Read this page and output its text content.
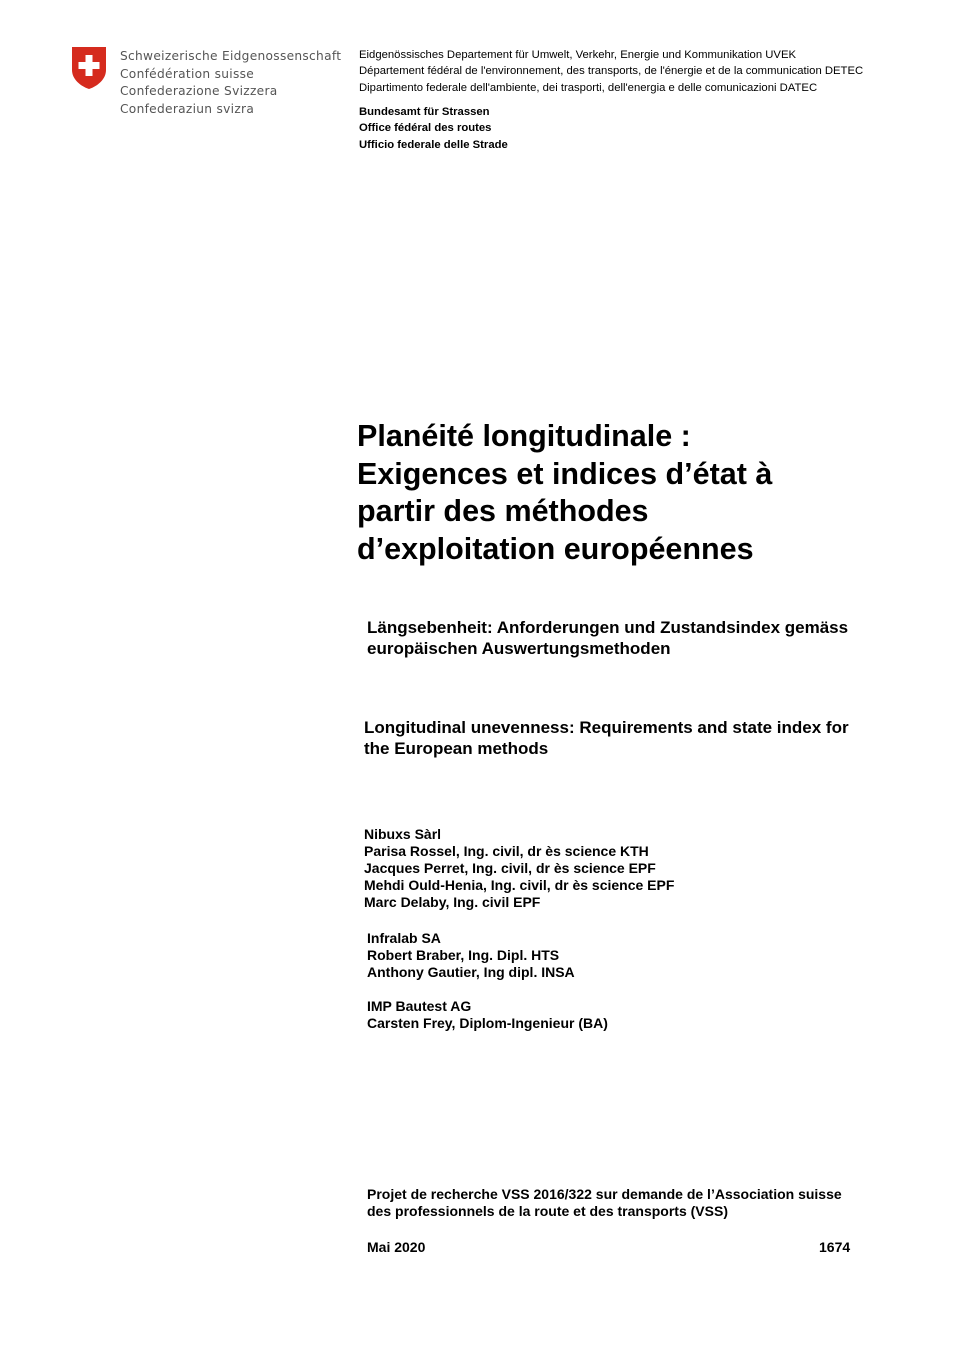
Schweizerische Eidgenossenschaft
Confédération suisse
Confederazione Svizzera
Confederaziun svizra
Eidgenössisches Departement für Umwelt, Verkehr, Energie und Kommunikation UVEK
Département fédéral de l'environnement, des transports, de l'énergie et de la communication DETEC
Dipartimento federale dell'ambiente, dei trasporti, dell'energia e delle comunicazioni DATEC
Bundesamt für Strassen
Office fédéral des routes
Ufficio federale delle Strade
Planéité longitudinale :
Exigences et indices d’état à
partir des méthodes
d’exploitation européennes
Längsebenheit: Anforderungen und Zustandsindex gemäss
europäischen Auswertungsmethoden
Longitudinal unevenness: Requirements and state index for
the European methods
Nibuxs Sàrl
Parisa Rossel, Ing. civil, dr ès science KTH
Jacques Perret, Ing. civil, dr ès science EPF
Mehdi Ould-Henia, Ing. civil, dr ès science EPF
Marc Delaby, Ing. civil EPF
Infralab SA
Robert Braber, Ing. Dipl. HTS
Anthony Gautier, Ing dipl. INSA
IMP Bautest AG
Carsten Frey, Diplom-Ingenieur (BA)
Projet de recherche VSS 2016/322 sur demande de l’Association suisse
des professionnels de la route et des transports (VSS)
Mai 2020	1674
